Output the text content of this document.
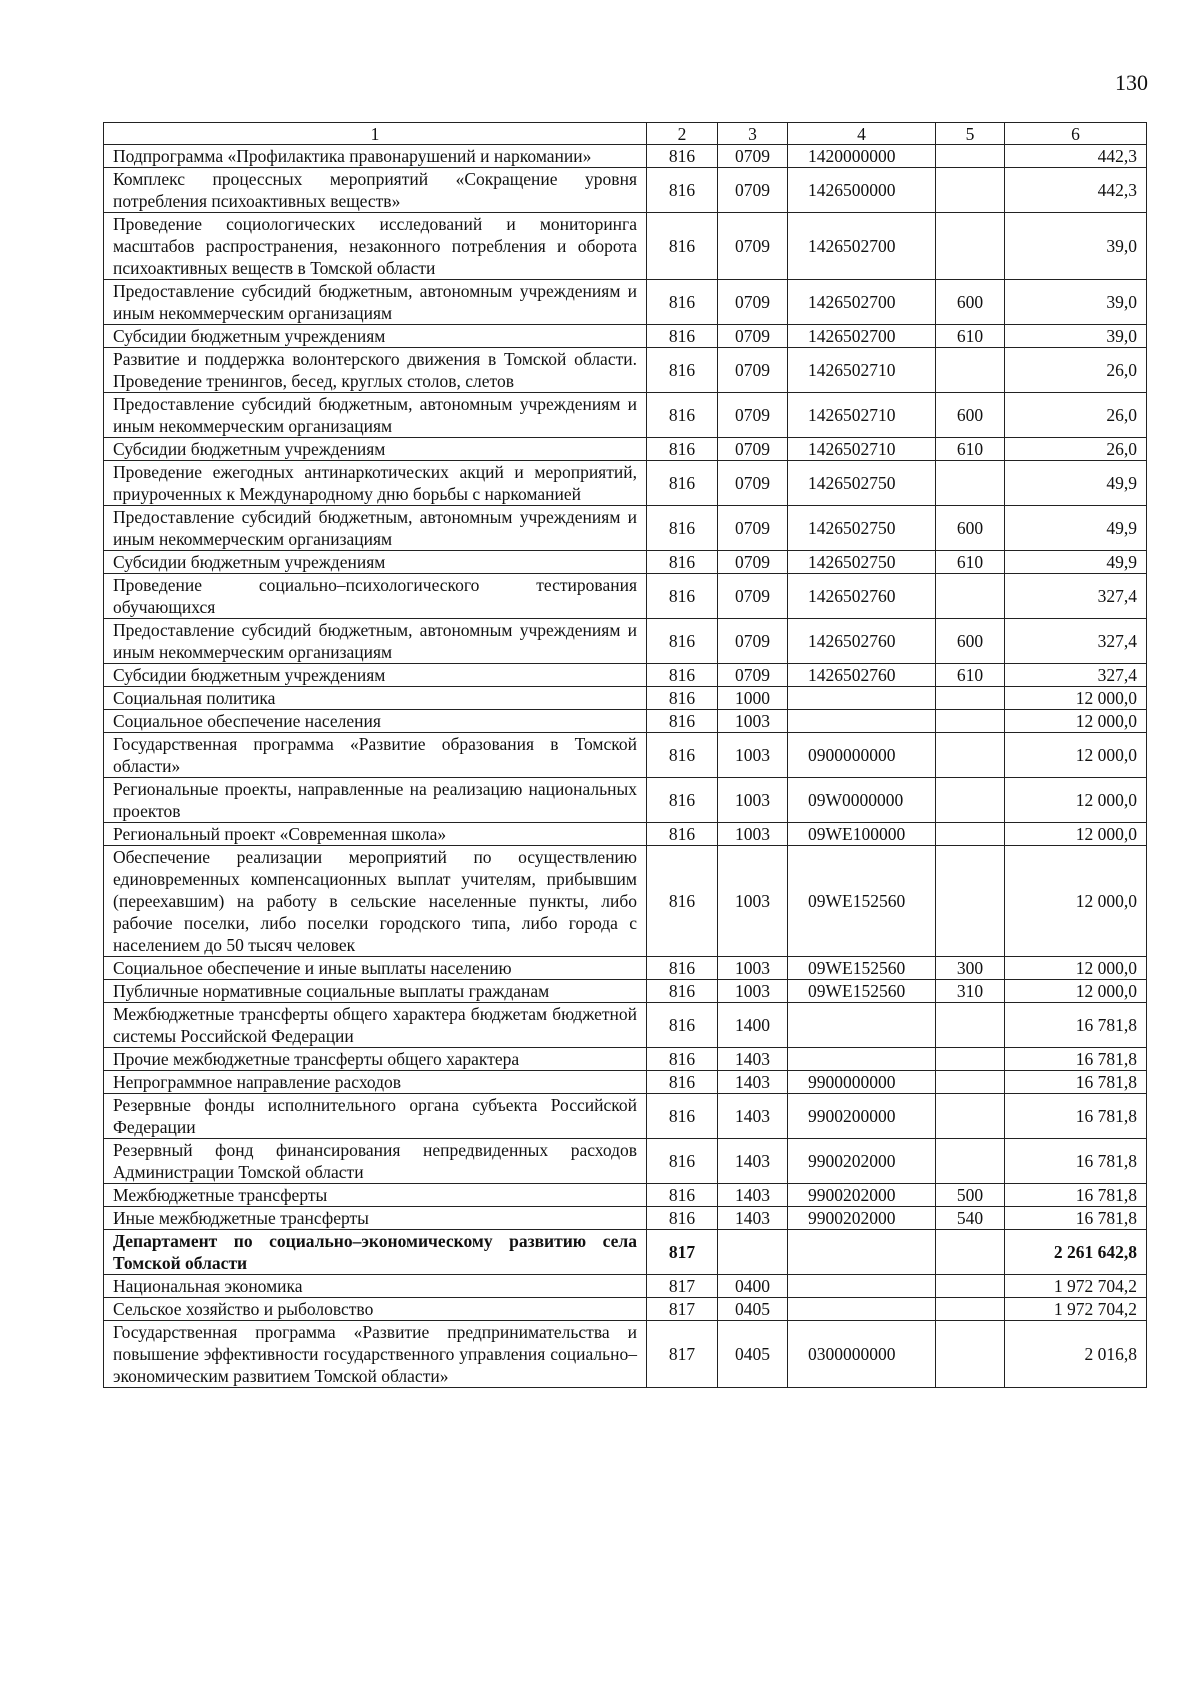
130
1	2	3	4	5	6
Подпрограмма «Профилактика правонарушений и наркомании»	816	0709	1420000000		442,3
Комплекс процессных мероприятий «Сокращение уровня потребления психоактивных веществ»	816	0709	1426500000		442,3
Проведение социологических исследований и мониторинга масштабов распространения, незаконного потребления и оборота психоактивных веществ в Томской области	816	0709	1426502700		39,0
Предоставление субсидий бюджетным, автономным учреждениям и иным некоммерческим организациям	816	0709	1426502700	600	39,0
Субсидии бюджетным учреждениям	816	0709	1426502700	610	39,0
Развитие и поддержка волонтерского движения в Томской области. Проведение тренингов, бесед, круглых столов, слетов	816	0709	1426502710		26,0
Предоставление субсидий бюджетным, автономным учреждениям и иным некоммерческим организациям	816	0709	1426502710	600	26,0
Субсидии бюджетным учреждениям	816	0709	1426502710	610	26,0
Проведение ежегодных антинаркотических акций и мероприятий, приуроченных к Международному дню борьбы с наркоманией	816	0709	1426502750		49,9
Предоставление субсидий бюджетным, автономным учреждениям и иным некоммерческим организациям	816	0709	1426502750	600	49,9
Субсидии бюджетным учреждениям	816	0709	1426502750	610	49,9
Проведение социально–психологического тестирования обучающихся	816	0709	1426502760		327,4
Предоставление субсидий бюджетным, автономным учреждениям и иным некоммерческим организациям	816	0709	1426502760	600	327,4
Субсидии бюджетным учреждениям	816	0709	1426502760	610	327,4
Социальная политика	816	1000			12 000,0
Социальное обеспечение населения	816	1003			12 000,0
Государственная программа «Развитие образования в Томской области»	816	1003	0900000000		12 000,0
Региональные проекты, направленные на реализацию национальных проектов	816	1003	09W0000000		12 000,0
Региональный проект «Современная школа»	816	1003	09WE100000		12 000,0
Обеспечение реализации мероприятий по осуществлению единовременных компенсационных выплат учителям, прибывшим (переехавшим) на работу в сельские населенные пункты, либо рабочие поселки, либо поселки городского типа, либо города с населением до 50 тысяч человек	816	1003	09WE152560		12 000,0
Социальное обеспечение и иные выплаты населению	816	1003	09WE152560	300	12 000,0
Публичные нормативные социальные выплаты гражданам	816	1003	09WE152560	310	12 000,0
Межбюджетные трансферты общего характера бюджетам бюджетной системы Российской Федерации	816	1400			16 781,8
Прочие межбюджетные трансферты общего характера	816	1403			16 781,8
Непрограммное направление расходов	816	1403	9900000000		16 781,8
Резервные фонды исполнительного органа субъекта Российской Федерации	816	1403	9900200000		16 781,8
Резервный фонд финансирования непредвиденных расходов Администрации Томской области	816	1403	9900202000		16 781,8
Межбюджетные трансферты	816	1403	9900202000	500	16 781,8
Иные межбюджетные трансферты	816	1403	9900202000	540	16 781,8
Департамент по социально–экономическому развитию села Томской области	817				2 261 642,8
Национальная экономика	817	0400			1 972 704,2
Сельское хозяйство и рыболовство	817	0405			1 972 704,2
Государственная программа «Развитие предпринимательства и повышение эффективности государственного управления социально–экономическим развитием Томской области»	817	0405	0300000000		2 016,8
